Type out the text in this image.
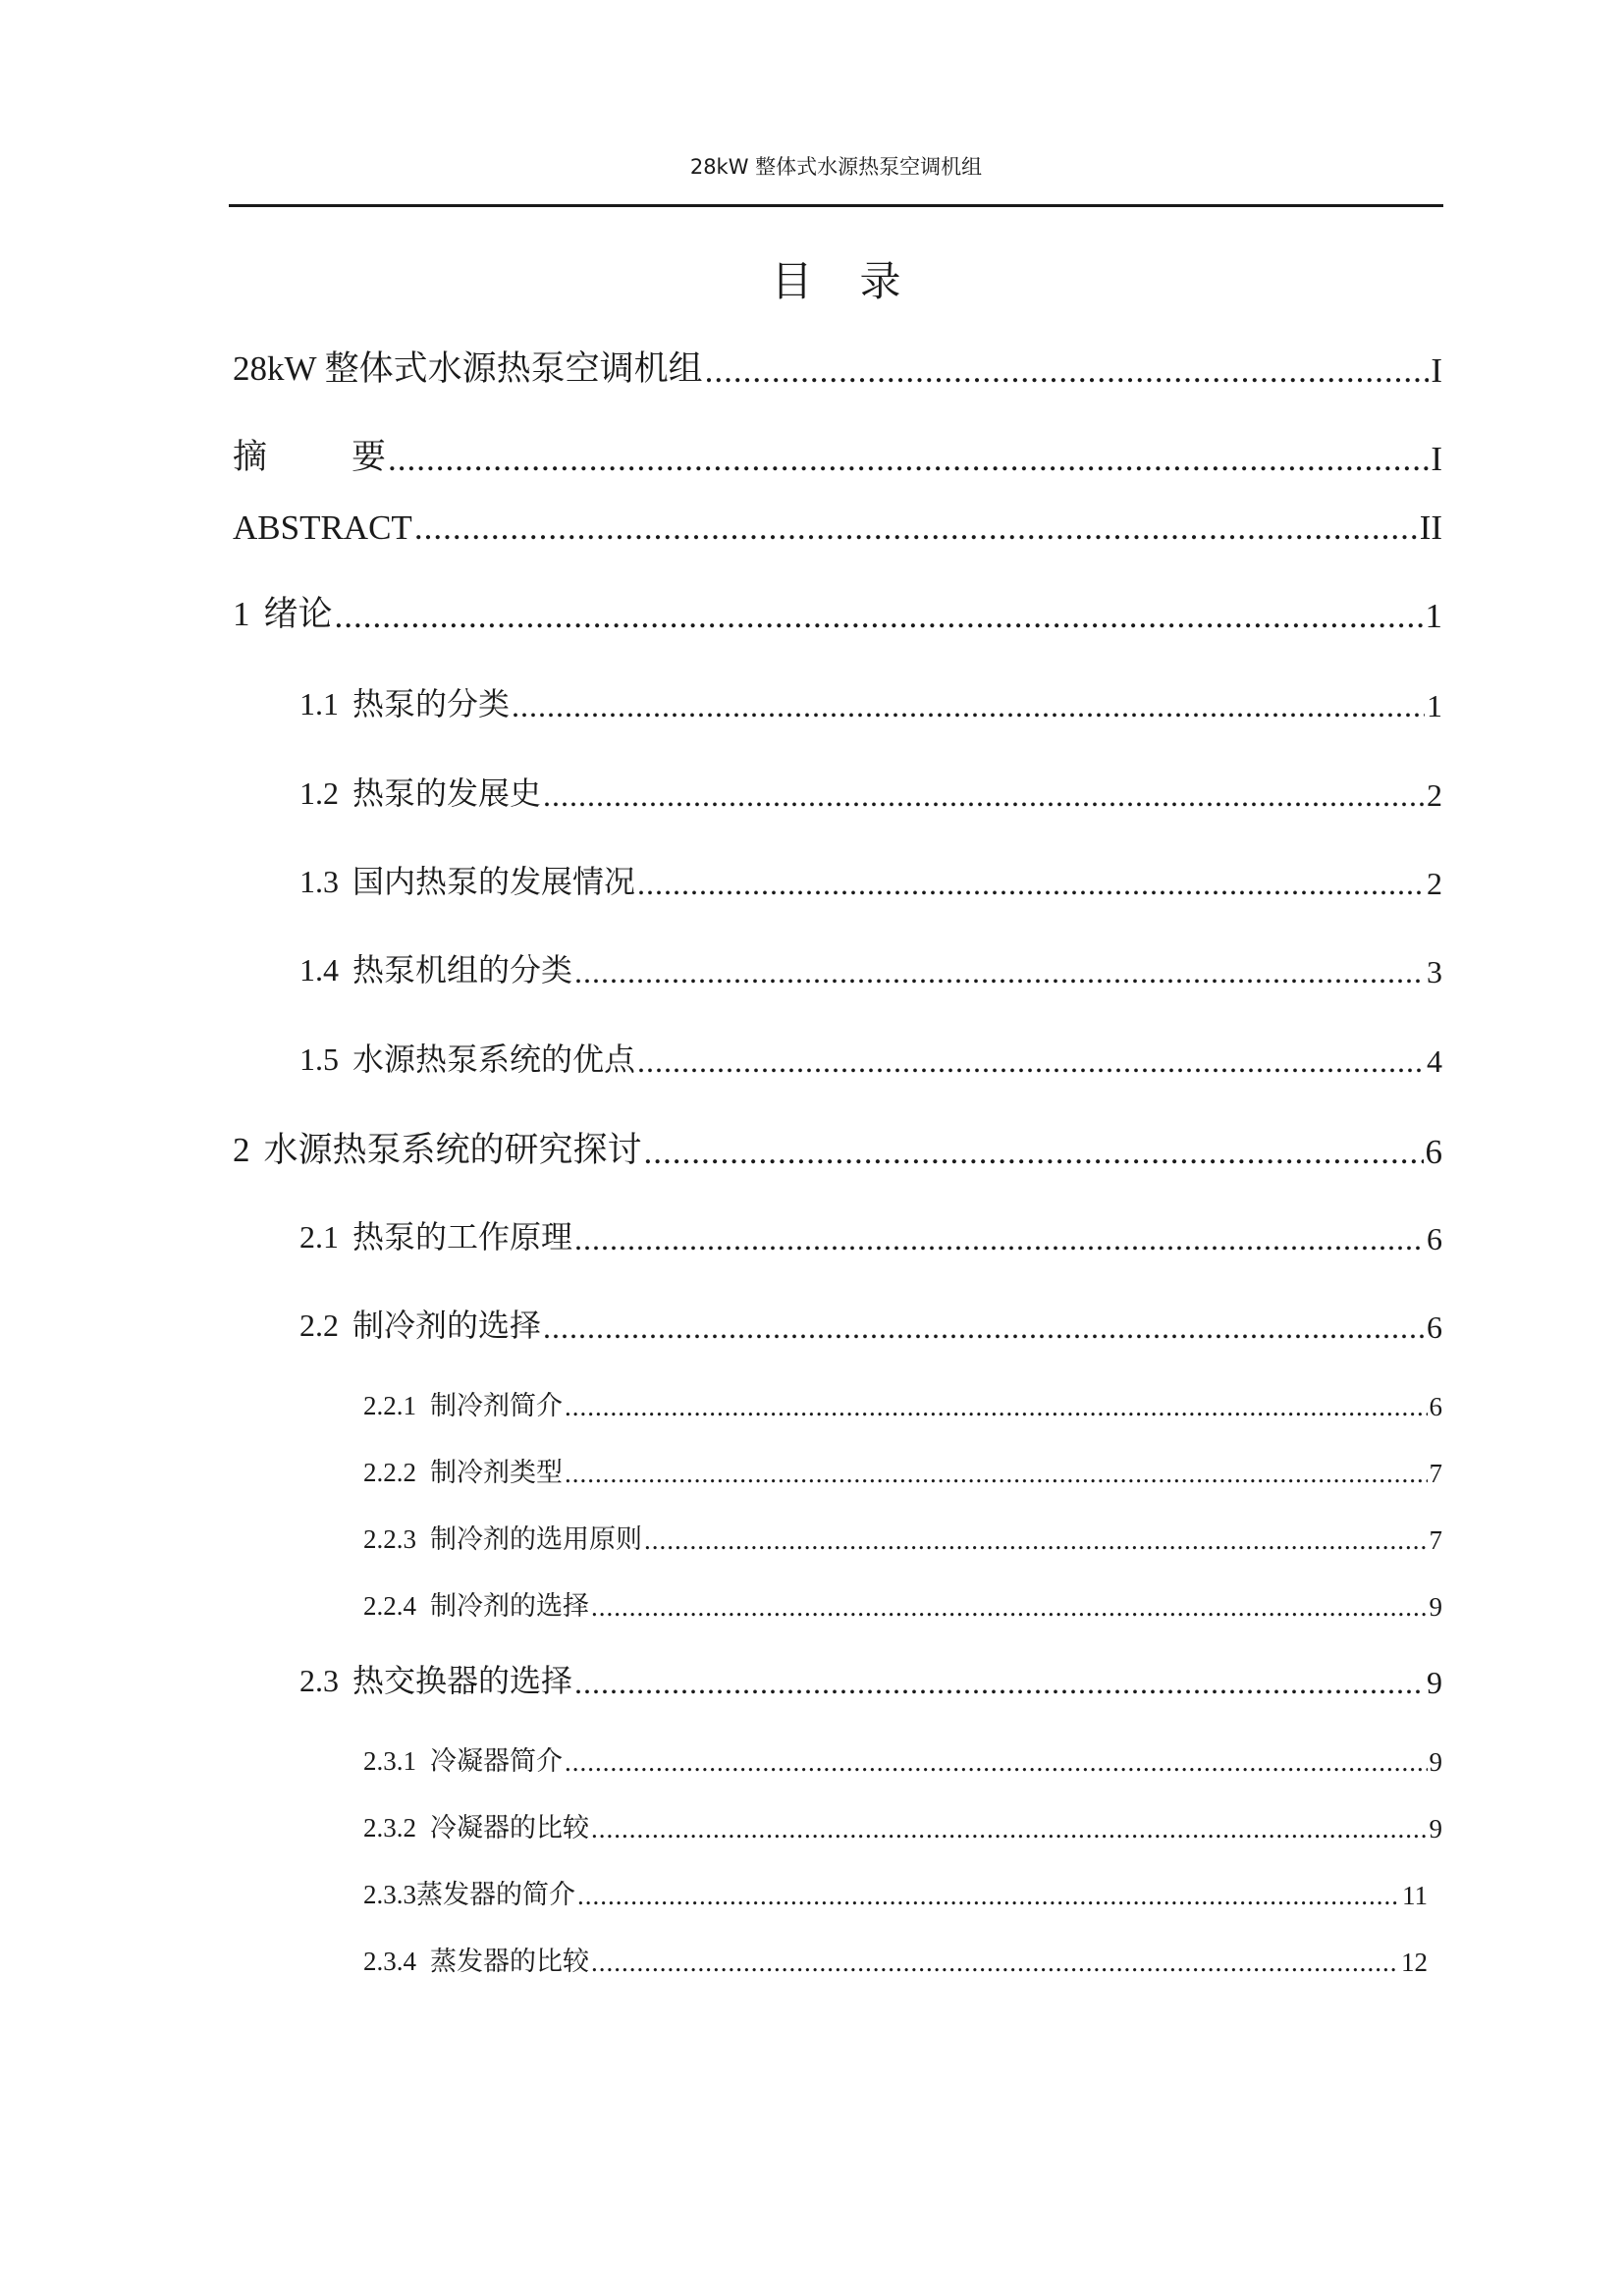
28kW 整体式水源热泵空调机组
目录
28kW 整体式水源热泵空调机组 .....	I
摘 要 .....	I
ABSTRACT .....	II
1 绪论 .....	1
1.1 热泵的分类 .....	1
1.2 热泵的发展史 .....	2
1.3 国内热泵的发展情况 .....	2
1.4 热泵机组的分类 .....	3
1.5 水源热泵系统的优点 .....	4
2 水源热泵系统的研究探讨 .....	6
2.1 热泵的工作原理 .....	6
2.2 制冷剂的选择 .....	6
2.2.1 制冷剂简介 .....	6
2.2.2 制冷剂类型 .....	7
2.2.3 制冷剂的选用原则 .....	7
2.2.4 制冷剂的选择 .....	9
2.3 热交换器的选择 .....	9
2.3.1 冷凝器简介 .....	9
2.3.2 冷凝器的比较 .....	9
2.3.3蒸发器的简介 .....	11
2.3.4 蒸发器的比较 .....	12
